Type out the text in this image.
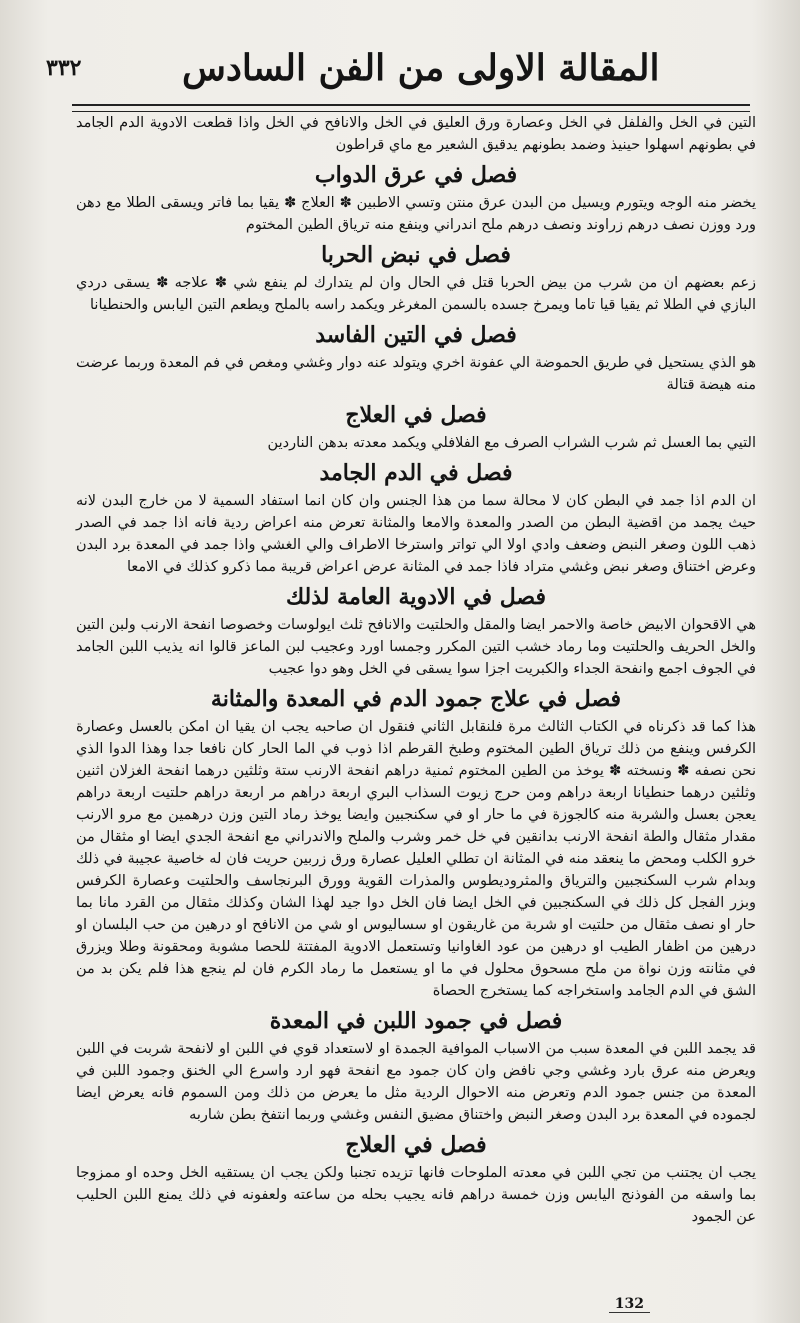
المقالة الاولى من الفن السادس
٣٣٢

التين في الخل والفلفل في الخل وعصارة ورق العليق في الخل والانافح في الخل واذا قطعت الادوية الدم الجامد في بطونهم اسهلوا حينيذ وضمد بطونهم يدقيق الشعير مع ماي قراطون

فصل في عرق الدواب

يخضر منه الوجه ويتورم ويسيل من البدن عرق منتن وتسي الاطبين ✽ العلاج ✽ يقيا بما فاتر ويسقى الطلا مع دهن ورد ووزن نصف درهم زراوند ونصف درهم ملح اندراني وينفع منه ترياق الطين المختوم

فصل في نبض الحربا

زعم بعضهم ان من شرب من بيض الحربا قتل في الحال وان لم يتدارك لم ينفع شي ✽ علاجه ✽ يسقى دردي البازي في الطلا ثم يقيا قيا تاما ويمرخ جسده بالسمن المغرغر ويكمد راسه بالملح ويطعم التين اليابس والحنطيانا

فصل في التين الفاسد

هو الذي يستحيل في طريق الحموضة الي عفونة اخري ويتولد عنه دوار وغشي ومغص في فم المعدة وربما عرضت منه هيضة قتالة

فصل في العلاج

التيي بما العسل ثم شرب الشراب الصرف مع الفلافلي ويكمد معدته بدهن الناردين

فصل في الدم الجامد

ان الدم اذا جمد في البطن كان لا محالة سما من هذا الجنس وان كان انما استفاد السمية لا من خارج البدن لانه حيث يجمد من اقضية البطن من الصدر والمعدة والامعا والمثانة تعرض منه اعراض ردية فانه اذا جمد في الصدر ذهب اللون وصغر النبض وضعف وادي اولا الي تواتر واسترخا الاطراف والي الغشي واذا جمد في المعدة برد البدن وعرض اختناق وصغر نبض وغشي متراد فاذا جمد في المثانة عرض اعراض قريبة مما ذكرو كذلك في الامعا

فصل في الادوية العامة لذلك

هي الاقحوان الابيض خاصة والاحمر ايضا والمقل والحلتيت والانافح ثلث ايولوسات وخصوصا انفحة الارنب ولبن التين والخل الحريف والحلتيت وما رماد خشب التين المكرر وجمسا اورد وعجيب لبن الماعز قالوا انه يذيب اللبن الجامد في الجوف اجمع وانفحة الجداء والكبريت اجزا سوا يسقى في الخل وهو دوا عجيب

فصل في علاج جمود الدم في المعدة والمثانة

هذا كما قد ذكرناه في الكتاب الثالث مرة فلنقابل الثاني فنقول ان صاحبه يجب ان يقيا ان امكن بالعسل وعصارة الكرفس وينفع من ذلك ترياق الطين المختوم وطبخ القرطم اذا ذوب في الما الحار كان نافعا جدا وهذا الدوا الذي نحن نصفه ✽ ونسخته ✽ يوخذ من الطين المختوم ثمنية دراهم انفحة الارنب ستة وثلثين درهما انفحة الغزلان اثنين وثلثين درهما حنطيانا اربعة دراهم ومن حرج زيوت السذاب البري اربعة دراهم مر اربعة دراهم حلتيت اربعة دراهم يعجن بعسل والشربة منه كالجوزة في ما حار او في سكنجبين وايضا يوخذ رماد التين وزن درهمين مع مرو الارنب مقدار مثقال والطة انفحة الارنب بدانقين في خل خمر وشرب والملح والاندراني مع انفحة الجدي ايضا او مثقال من خرو الكلب ومحض ما ينعقد منه في المثانة ان تطلي العليل عصارة ورق زربين حريت فان له خاصية عجيبة في ذلك وبدام شرب السكنجبين والترياق والمثروديطوس والمذرات القوية وورق البرنجاسف والحلتيت وعصارة الكرفس وبزر الفجل كل ذلك في السكنجبين في الخل ايضا فان الخل دوا جيد لهذا الشان وكذلك مثقال من القرد مانا بما حار او نصف مثقال من حلتيت او شربة من غاريقون او سساليوس او شي من الانافح او درهين من حب البلسان او درهين من اظفار الطيب او درهين من عود الغاوانيا وتستعمل الادوية المفتتة للحصا مشوبة ومحقونة وطلا ويزرق في مثانته وزن نواة من ملح مسحوق محلول في ما او يستعمل ما رماد الكرم فان لم ينجع هذا فلم يكن بد من الشق في الدم الجامد واستخراجه كما يستخرج الحصاة

فصل في جمود اللبن في المعدة

قد يجمد اللبن في المعدة سبب من الاسباب الموافية الجمدة او لاستعداد قوي في اللبن او لانفحة شربت في اللبن ويعرض منه عرق بارد وغشي وجي نافض وان كان جمود مع انفحة فهو ارد واسرع الي الخنق وجمود اللبن في المعدة من جنس جمود الدم وتعرض منه الاحوال الردية مثل ما يعرض من ذلك ومن السموم فانه يعرض ايضا لجموده في المعدة برد البدن وصغر النبض واختناق مضيق النفس وغشي وربما انتفخ بطن شاربه

فصل في العلاج

يجب ان يجتنب من تجي اللبن في معدته الملوحات فانها تزيده تجنبا ولكن يجب ان يستقيه الخل وحده او ممزوجا بما واسقه من الفوذنج اليابس وزن خمسة دراهم فانه يجيب بحله من ساعته ولعفونه في ذلك يمنع اللبن الحليب عن الجمود

132
